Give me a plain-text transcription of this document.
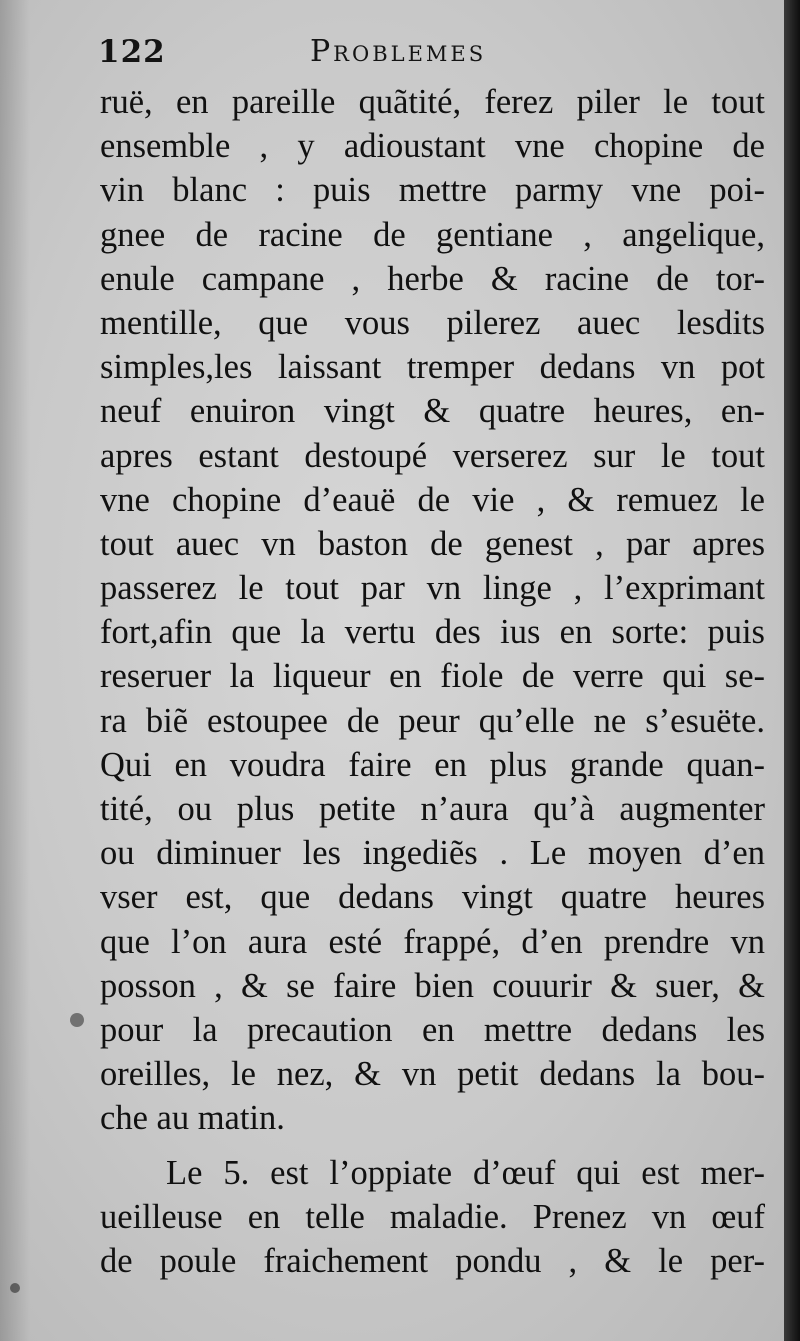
122	Problemes
ruë, en pareille quãtité, ferez piler le tout
ensemble , y adioustant vne chopine de
vin blanc : puis mettre parmy vne poi-
gnee de racine de gentiane , angelique,
enule campane , herbe & racine de tor-
mentille, que vous pilerez auec lesdits
simples,les laissant tremper dedans vn pot
neuf enuiron vingt & quatre heures, en-
apres estant destoupé verserez sur le tout
vne chopine d’eauë de vie , & remuez le
tout auec vn baston de genest , par apres
passerez le tout par vn linge , l’exprimant
fort,afin que la vertu des ius en sorte: puis
reseruer la liqueur en fiole de verre qui se-
ra biẽ estoupee de peur qu’elle ne s’esuëte.
Qui en voudra faire en plus grande quan-
tité, ou plus petite n’aura qu’à augmenter
ou diminuer les ingediẽs . Le moyen d’en
vser est, que dedans vingt quatre heures
que l’on aura esté frappé, d’en prendre vn
posson , & se faire bien couurir & suer, &
pour la precaution en mettre dedans les
oreilles, le nez, & vn petit dedans la bou-
che au matin.
Le 5. est l’oppiate d’œuf qui est mer-
ueilleuse en telle maladie. Prenez vn œuf
de poule fraichement pondu , & le per-
